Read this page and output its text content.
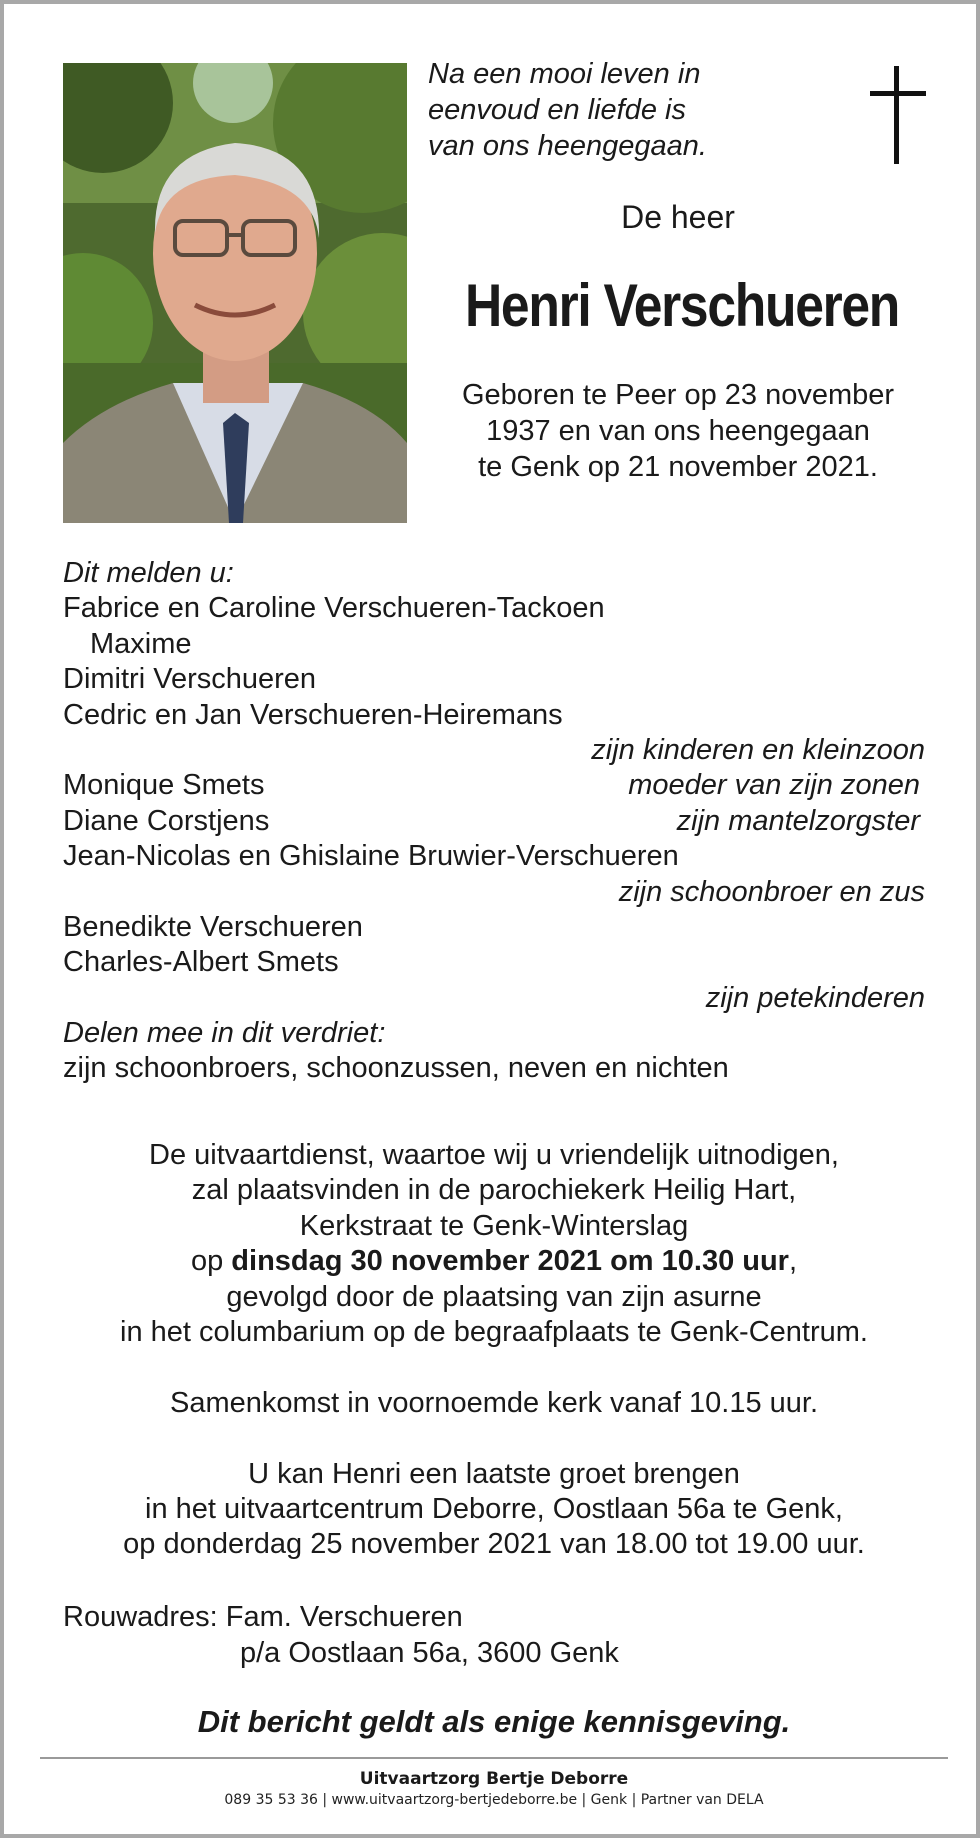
Na een mooi leven in
eenvoud en liefde is
van ons heengegaan.
De heer
Henri Verschueren
Geboren te Peer op 23 november
1937 en van ons heengegaan
te Genk op 21 november 2021.
Dit melden u:
Fabrice en Caroline Verschueren-Tackoen
Maxime
Dimitri Verschueren
Cedric en Jan Verschueren-Heiremans
zijn kinderen en kleinzoon
Monique Smets	moeder van zijn zonen
Diane Corstjens	zijn mantelzorgster
Jean-Nicolas en Ghislaine Bruwier-Verschueren
zijn schoonbroer en zus
Benedikte Verschueren
Charles-Albert Smets
zijn petekinderen
Delen mee in dit verdriet:
zijn schoonbroers, schoonzussen, neven en nichten

De uitvaartdienst, waartoe wij u vriendelijk uitnodigen,

zal plaatsvinden in de parochiekerk Heilig Hart,

Kerkstraat te Genk-Winterslag

op dinsdag 30 november 2021 om 10.30 uur,

gevolgd door de plaatsing van zijn asurne

in het columbarium op de begraafplaats te Genk-Centrum.

Samenkomst in voornoemde kerk vanaf 10.15 uur.

U kan Henri een laatste groet brengen

in het uitvaartcentrum Deborre, Oostlaan 56a te Genk,

op donderdag 25 november 2021 van 18.00 tot 19.00 uur.

Rouwadres: Fam. Verschueren
p/a Oostlaan 56a, 3600 Genk
Dit bericht geldt als enige kennisgeving.
Uitvaartzorg Bertje Deborre
089 35 53 36 | www.uitvaartzorg-bertjedeborre.be | Genk | Partner van DELA
